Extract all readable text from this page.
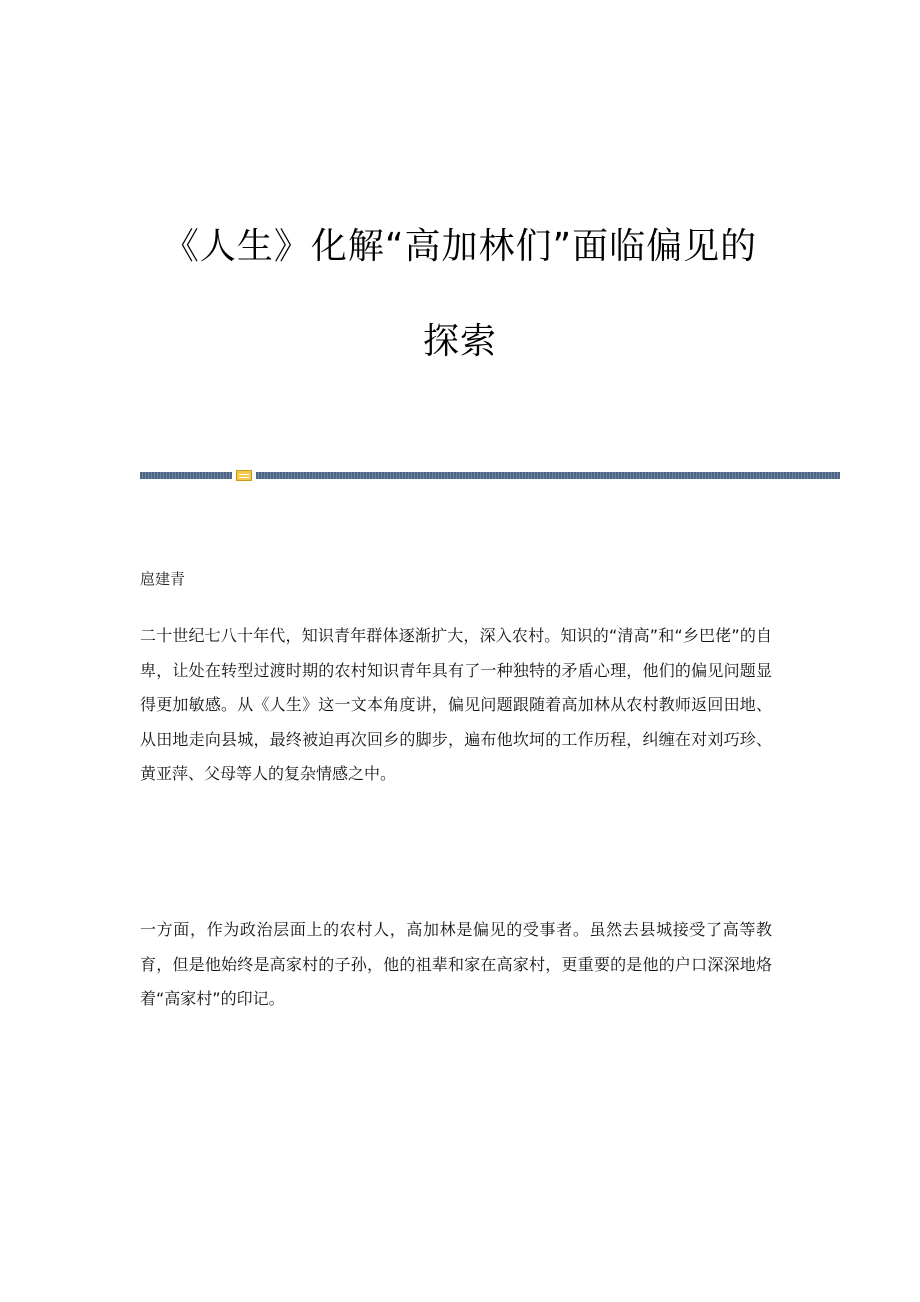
《人生》化解“高加林们”面临偏见的
探索
扈建青

二十世纪七八十年代，知识青年群体逐渐扩大，深入农村。知识的“清高”和“乡巴佬”的自卑，让处在转型过渡时期的农村知识青年具有了一种独特的矛盾心理，他们的偏见问题显得更加敏感。从《人生》这一文本角度讲，偏见问题跟随着高加林从农村教师返回田地、从田地走向县城，最终被迫再次回乡的脚步，遍布他坎坷的工作历程，纠缠在对刘巧珍、黄亚萍、父母等人的复杂情感之中。

一方面，作为政治层面上的农村人，高加林是偏见的受事者。虽然去县城接受了高等教育，但是他始终是高家村的子孙，他的祖辈和家在高家村，更重要的是他的户口深深地烙着“高家村”的印记。
